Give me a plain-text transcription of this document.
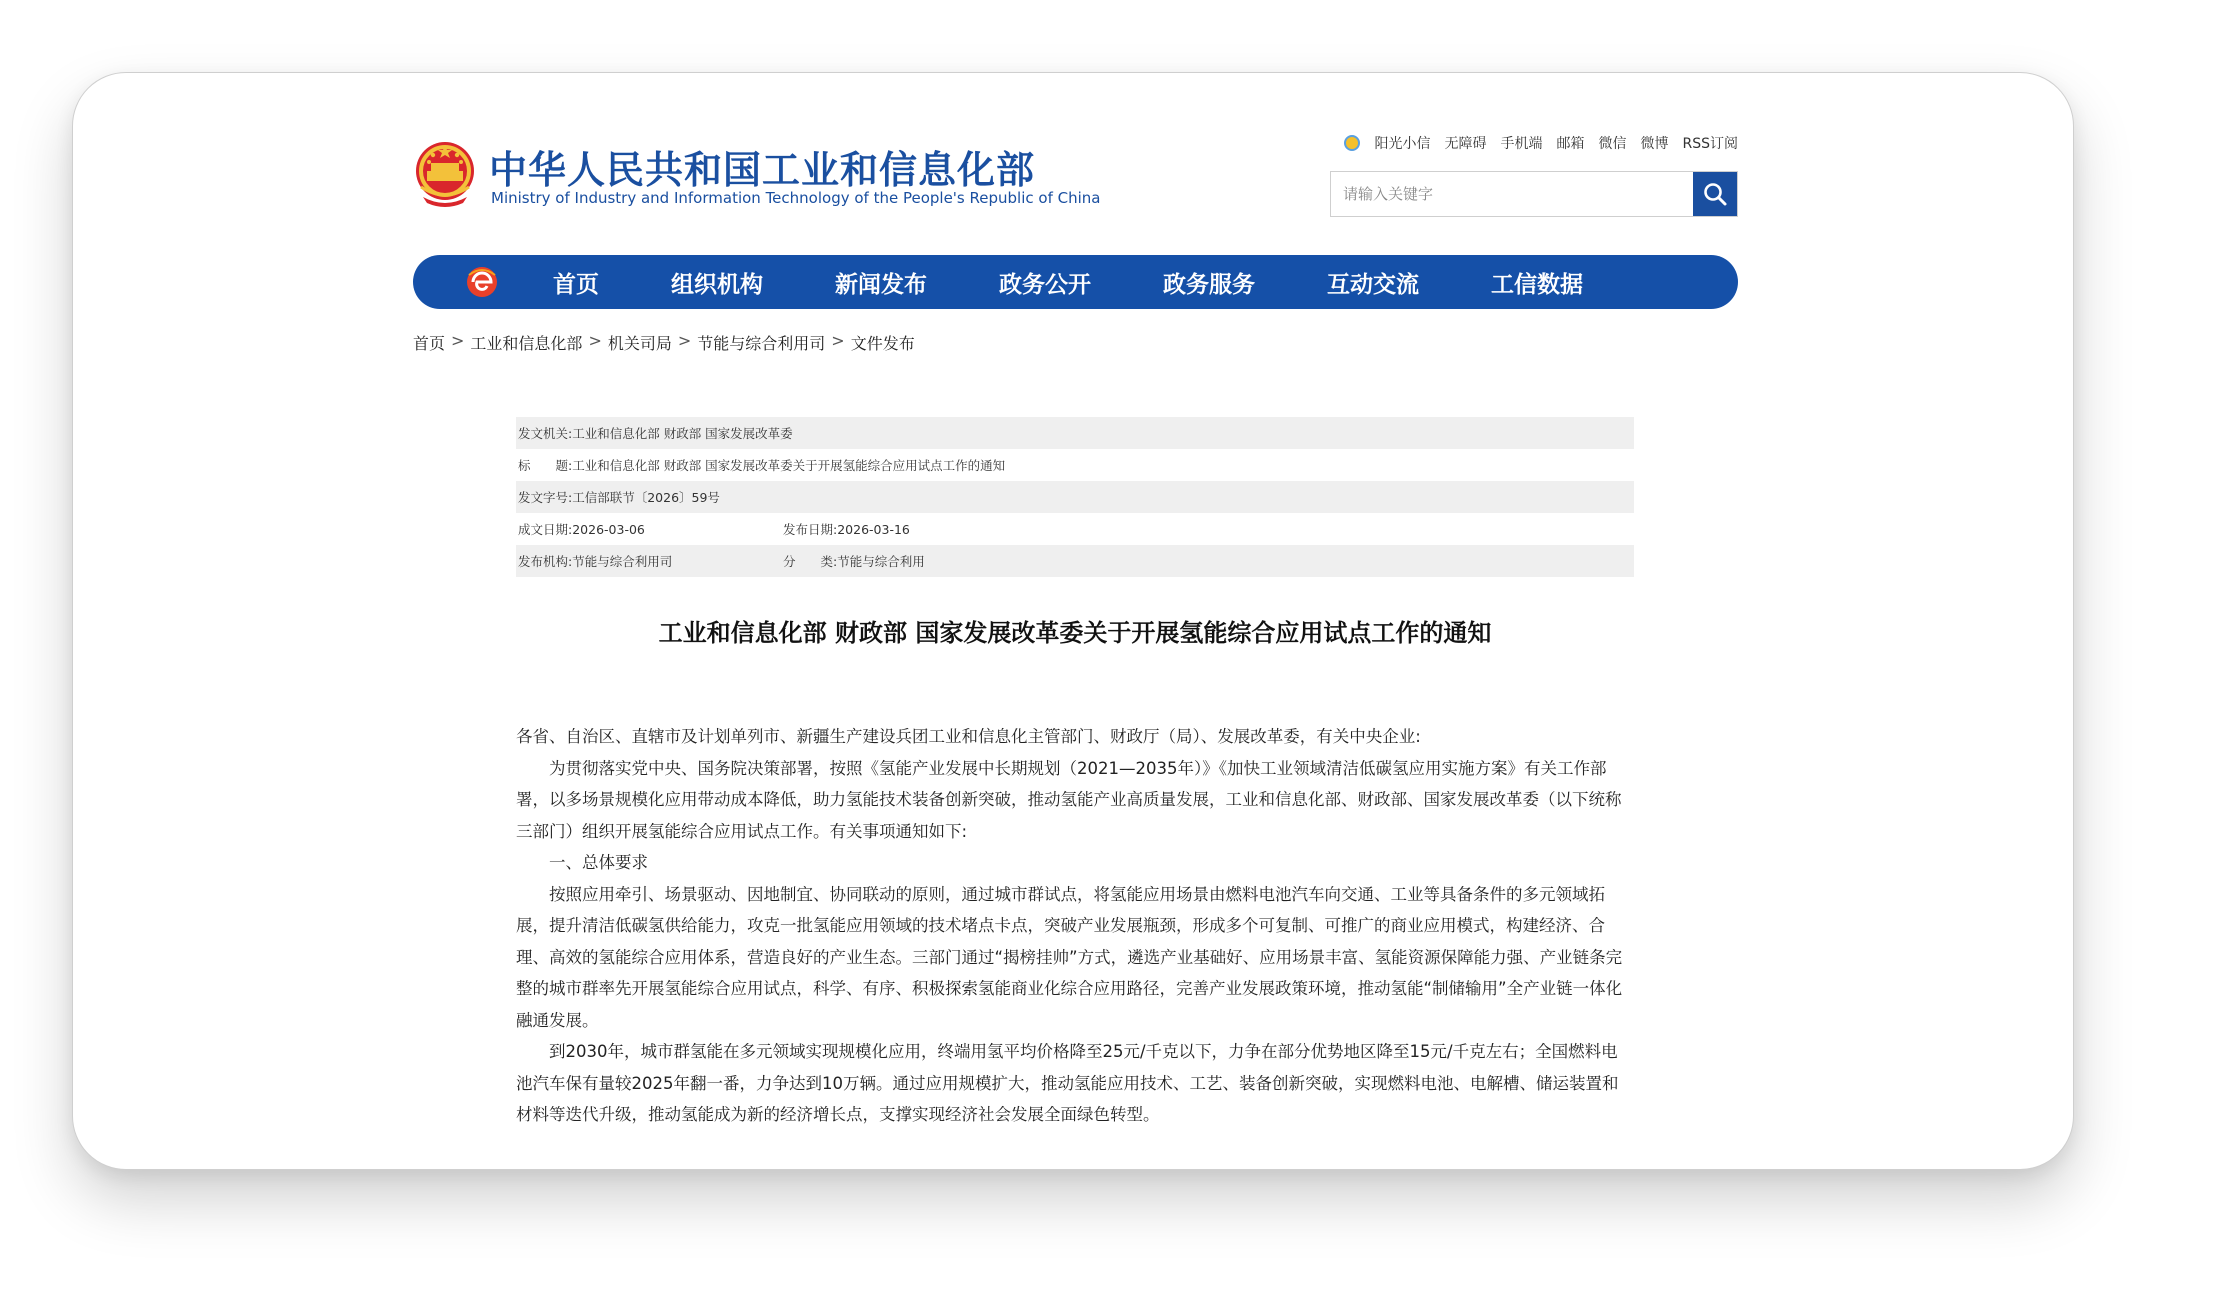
中华人民共和国工业和信息化部
Ministry of Industry and Information Technology of the People's Republic of China
阳光小信 无障碍 手机端 邮箱 微信 微博 RSS订阅
请输入关键字
首页	组织机构	新闻发布	政务公开	政务服务	互动交流	工信数据
首页 > 工业和信息化部 > 机关司局 > 节能与综合利用司 > 文件发布
发文机关:工业和信息化部 财政部 国家发展改革委
标　　题:工业和信息化部 财政部 国家发展改革委关于开展氢能综合应用试点工作的通知
发文字号:工信部联节〔2026〕59号
成文日期:2026-03-06	发布日期:2026-03-16
发布机构:节能与综合利用司	分　　类:节能与综合利用
工业和信息化部 财政部 国家发展改革委关于开展氢能综合应用试点工作的通知

各省、自治区、直辖市及计划单列市、新疆生产建设兵团工业和信息化主管部门、财政厅（局）、发展改革委，有关中央企业:

为贯彻落实党中央、国务院决策部署，按照《氢能产业发展中长期规划（2021—2035年）》《加快工业领域清洁低碳氢应用实施方案》有关工作部署，以多场景规模化应用带动成本降低，助力氢能技术装备创新突破，推动氢能产业高质量发展，工业和信息化部、财政部、国家发展改革委（以下统称三部门）组织开展氢能综合应用试点工作。有关事项通知如下:

一、总体要求

按照应用牵引、场景驱动、因地制宜、协同联动的原则，通过城市群试点，将氢能应用场景由燃料电池汽车向交通、工业等具备条件的多元领域拓展，提升清洁低碳氢供给能力，攻克一批氢能应用领域的技术堵点卡点，突破产业发展瓶颈，形成多个可复制、可推广的商业应用模式，构建经济、合理、高效的氢能综合应用体系，营造良好的产业生态。三部门通过“揭榜挂帅”方式，遴选产业基础好、应用场景丰富、氢能资源保障能力强、产业链条完整的城市群率先开展氢能综合应用试点，科学、有序、积极探索氢能商业化综合应用路径，完善产业发展政策环境，推动氢能“制储输用”全产业链一体化融通发展。

到2030年，城市群氢能在多元领域实现规模化应用，终端用氢平均价格降至25元/千克以下，力争在部分优势地区降至15元/千克左右；全国燃料电池汽车保有量较2025年翻一番，力争达到10万辆。通过应用规模扩大，推动氢能应用技术、工艺、装备创新突破，实现燃料电池、电解槽、储运装置和材料等迭代升级，推动氢能成为新的经济增长点，支撑实现经济社会发展全面绿色转型。
